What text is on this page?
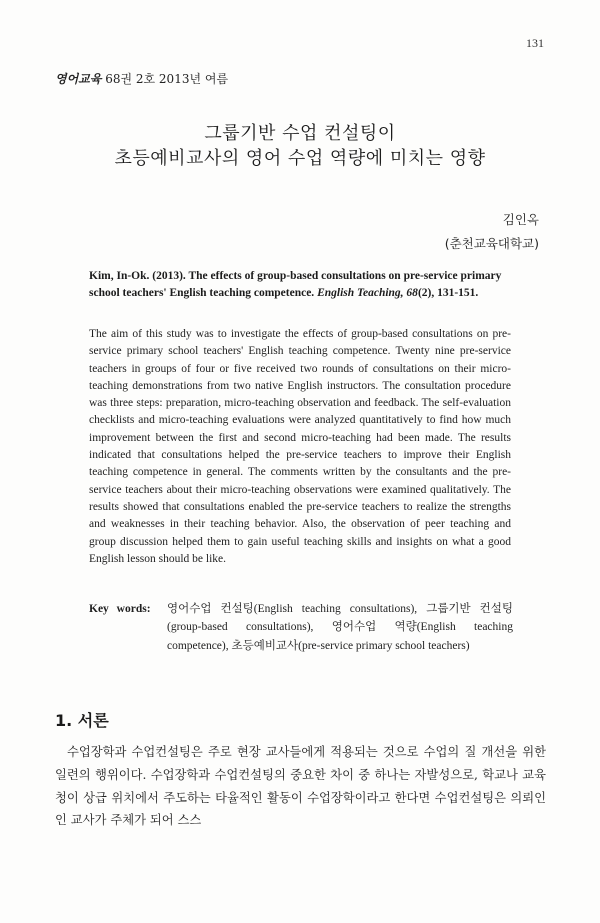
131
영어교육 68권 2호 2013년 여름
그룹기반 수업 컨설팅이
초등예비교사의 영어 수업 역량에 미치는 영향
김인옥
(춘천교육대학교)
Kim, In-Ok. (2013). The effects of group-based consultations on pre-service primary school teachers' English teaching competence. English Teaching, 68(2), 131-151.
The aim of this study was to investigate the effects of group-based consultations on pre-service primary school teachers' English teaching competence. Twenty nine pre-service teachers in groups of four or five received two rounds of consultations on their micro-teaching demonstrations from two native English instructors. The consultation procedure was three steps: preparation, micro-teaching observation and feedback. The self-evaluation checklists and micro-teaching evaluations were analyzed quantitatively to find how much improvement between the first and second micro-teaching had been made. The results indicated that consultations helped the pre-service teachers to improve their English teaching competence in general. The comments written by the consultants and the pre-service teachers about their micro-teaching observations were examined qualitatively. The results showed that consultations enabled the pre-service teachers to realize the strengths and weaknesses in their teaching behavior. Also, the observation of peer teaching and group discussion helped them to gain useful teaching skills and insights on what a good English lesson should be like.
Key words: 영어수업 컨설팅(English teaching consultations), 그룹기반 컨설팅(group-based consultations), 영어수업 역량(English teaching competence), 초등예비교사(pre-service primary school teachers)
1. 서론
수업장학과 수업컨설팅은 주로 현장 교사들에게 적용되는 것으로 수업의 질 개선을 위한 일련의 행위이다. 수업장학과 수업컨설팅의 중요한 차이 중 하나는 자발성으로, 학교나 교육청이 상급 위치에서 주도하는 타율적인 활동이 수업장학이라고 한다면 수업컨설팅은 의뢰인인 교사가 주체가 되어 스스
